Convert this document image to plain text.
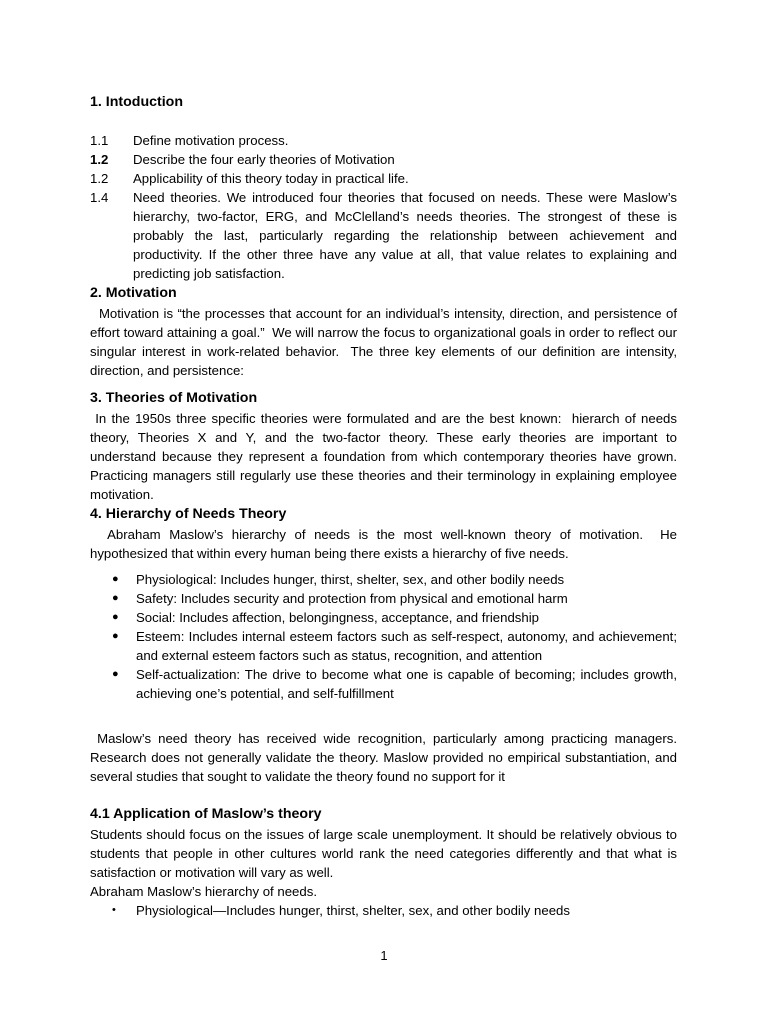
1. Intoduction
1.1	Define motivation process.
1.2	Describe the four early theories of Motivation
1.2	Applicability of this theory today in practical life.
1.4	Need theories. We introduced four theories that focused on needs. These were Maslow’s hierarchy, two-factor, ERG, and McClelland’s needs theories. The strongest of these is probably the last, particularly regarding the relationship between achievement and productivity. If the other three have any value at all, that value relates to explaining and predicting job satisfaction.
2. Motivation

Motivation is “the processes that account for an individual’s intensity, direction, and persistence of effort toward attaining a goal.”  We will narrow the focus to organizational goals in order to reflect our singular interest in work-related behavior.  The three key elements of our definition are intensity, direction, and persistence:

3. Theories of Motivation

In the 1950s three specific theories were formulated and are the best known:  hierarch of needs theory, Theories X and Y, and the two-factor theory. These early theories are important to understand because they represent a foundation from which contemporary theories have grown. Practicing managers still regularly use these theories and their terminology in explaining employee motivation.

4. Hierarchy of Needs Theory

Abraham Maslow’s hierarchy of needs is the most well-known theory of motivation.  He hypothesized that within every human being there exists a hierarchy of five needs.

●	Physiological: Includes hunger, thirst, shelter, sex, and other bodily needs
●	Safety: Includes security and protection from physical and emotional harm
●	Social: Includes affection, belongingness, acceptance, and friendship
●	Esteem: Includes internal esteem factors such as self-respect, autonomy, and achievement; and external esteem factors such as status, recognition, and attention
●	Self-actualization: The drive to become what one is capable of becoming; includes growth, achieving one’s potential, and self-fulfillment

Maslow’s need theory has received wide recognition, particularly among practicing managers. Research does not generally validate the theory. Maslow provided no empirical substantiation, and several studies that sought to validate the theory found no support for it

4.1 Application of Maslow’s theory

Students should focus on the issues of large scale unemployment. It should be relatively obvious to students that people in other cultures world rank the need categories differently and that what is satisfaction or motivation will vary as well.

Abraham Maslow’s hierarchy of needs.

•	Physiological—Includes hunger, thirst, shelter, sex, and other bodily needs
1
